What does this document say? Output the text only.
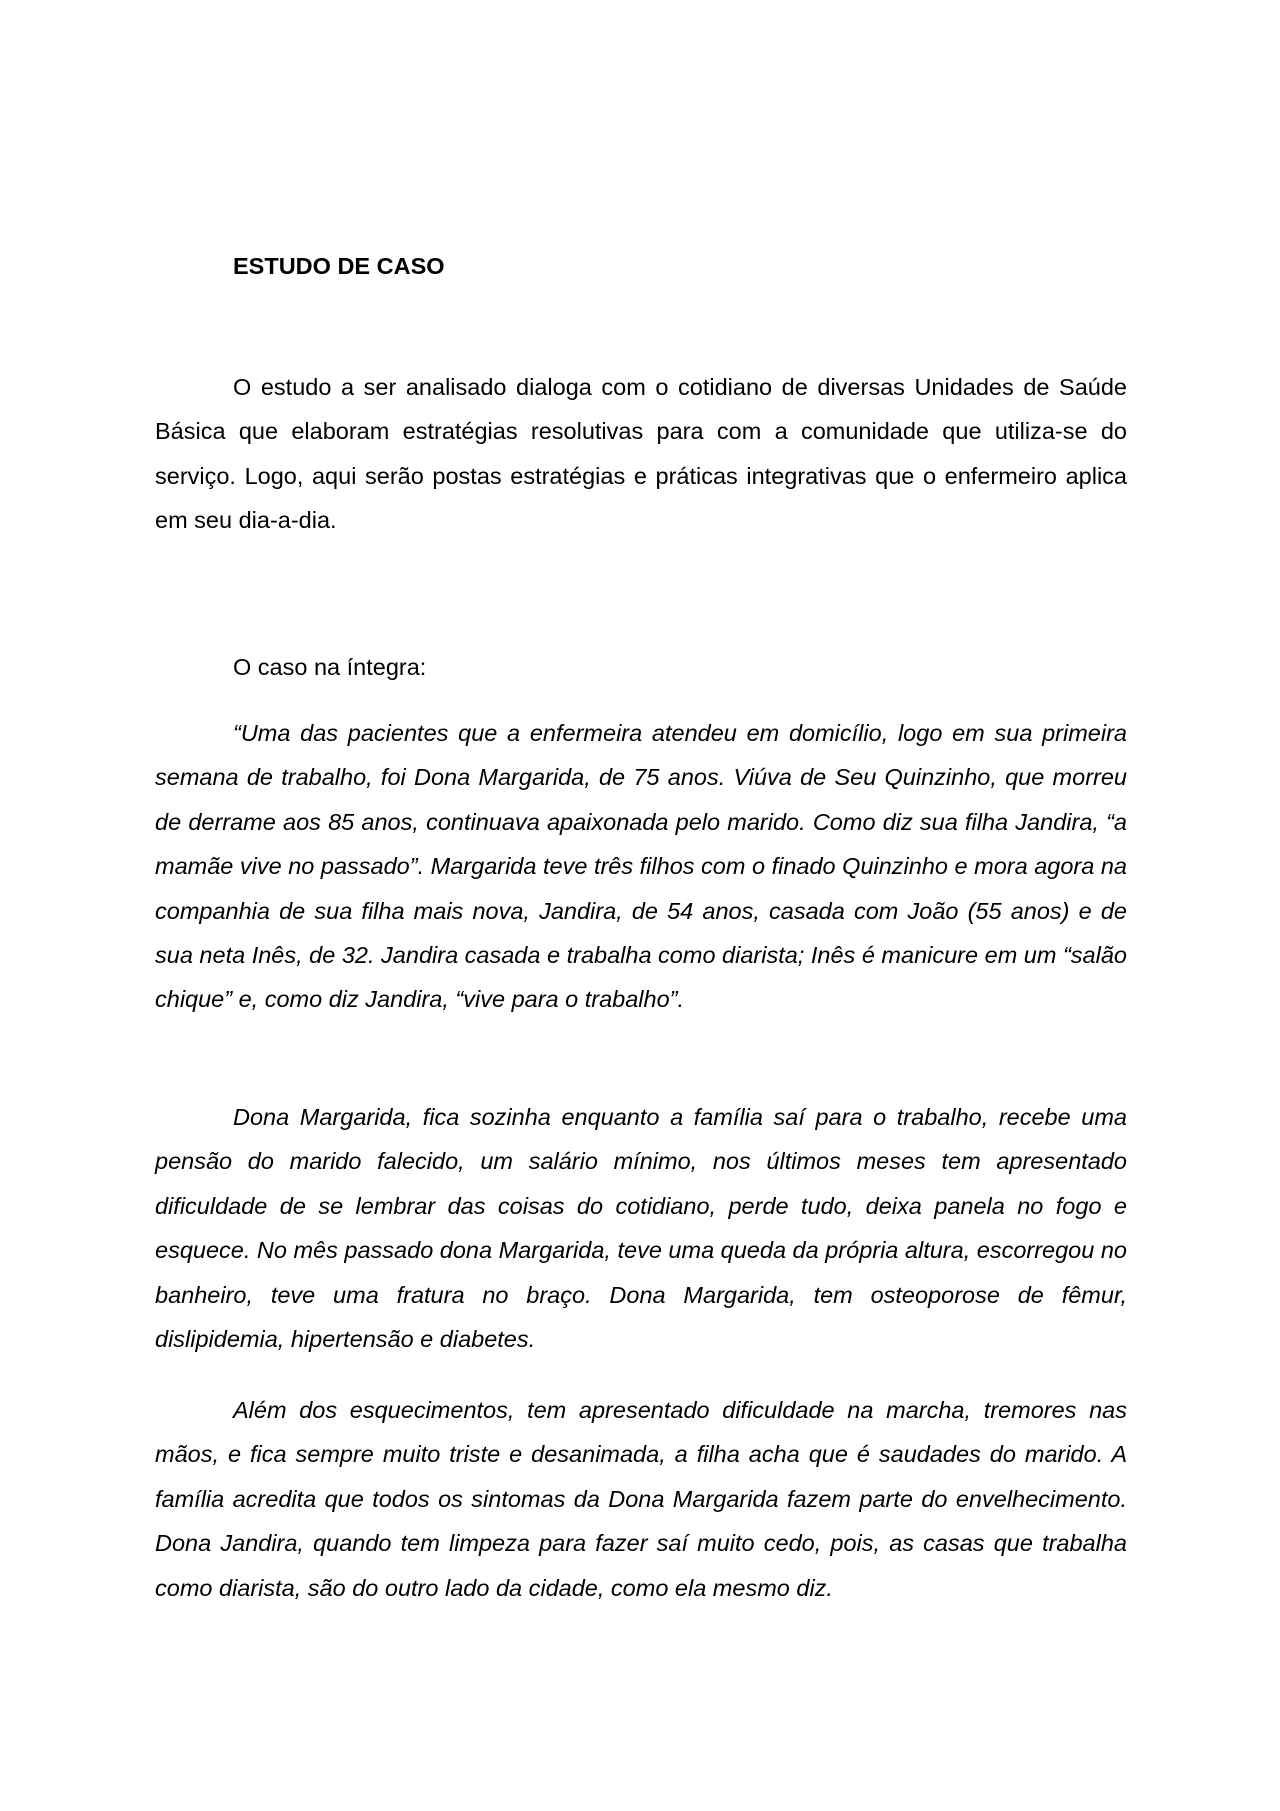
ESTUDO DE CASO

O estudo a ser analisado dialoga com o cotidiano de diversas Unidades de Saúde Básica que elaboram estratégias resolutivas para com a comunidade que utiliza-se do serviço. Logo, aqui serão postas estratégias e práticas integrativas que o enfermeiro aplica em seu dia-a-dia.

O caso na íntegra:

“Uma das pacientes que a enfermeira atendeu em domicílio, logo em sua primeira semana de trabalho, foi Dona Margarida, de 75 anos. Viúva de Seu Quinzinho, que morreu de derrame aos 85 anos, continuava apaixonada pelo marido. Como diz sua filha Jandira, “a mamãe vive no passado”. Margarida teve três filhos com o finado Quinzinho e mora agora na companhia de sua filha mais nova, Jandira, de 54 anos, casada com João (55 anos) e de sua neta Inês, de 32. Jandira casada e trabalha como diarista; Inês é manicure em um “salão chique” e, como diz Jandira, “vive para o trabalho”.

Dona Margarida, fica sozinha enquanto a família saí para o trabalho, recebe uma pensão do marido falecido, um salário mínimo, nos últimos meses tem apresentado dificuldade de se lembrar das coisas do cotidiano, perde tudo, deixa panela no fogo e esquece. No mês passado dona Margarida, teve uma queda da própria altura, escorregou no banheiro, teve uma fratura no braço. Dona Margarida, tem osteoporose de fêmur, dislipidemia, hipertensão e diabetes.

Além dos esquecimentos, tem apresentado dificuldade na marcha, tremores nas mãos, e fica sempre muito triste e desanimada, a filha acha que é saudades do marido. A família acredita que todos os sintomas da Dona Margarida fazem parte do envelhecimento. Dona Jandira, quando tem limpeza para fazer saí muito cedo, pois, as casas que trabalha como diarista, são do outro lado da cidade, como ela mesmo diz.
